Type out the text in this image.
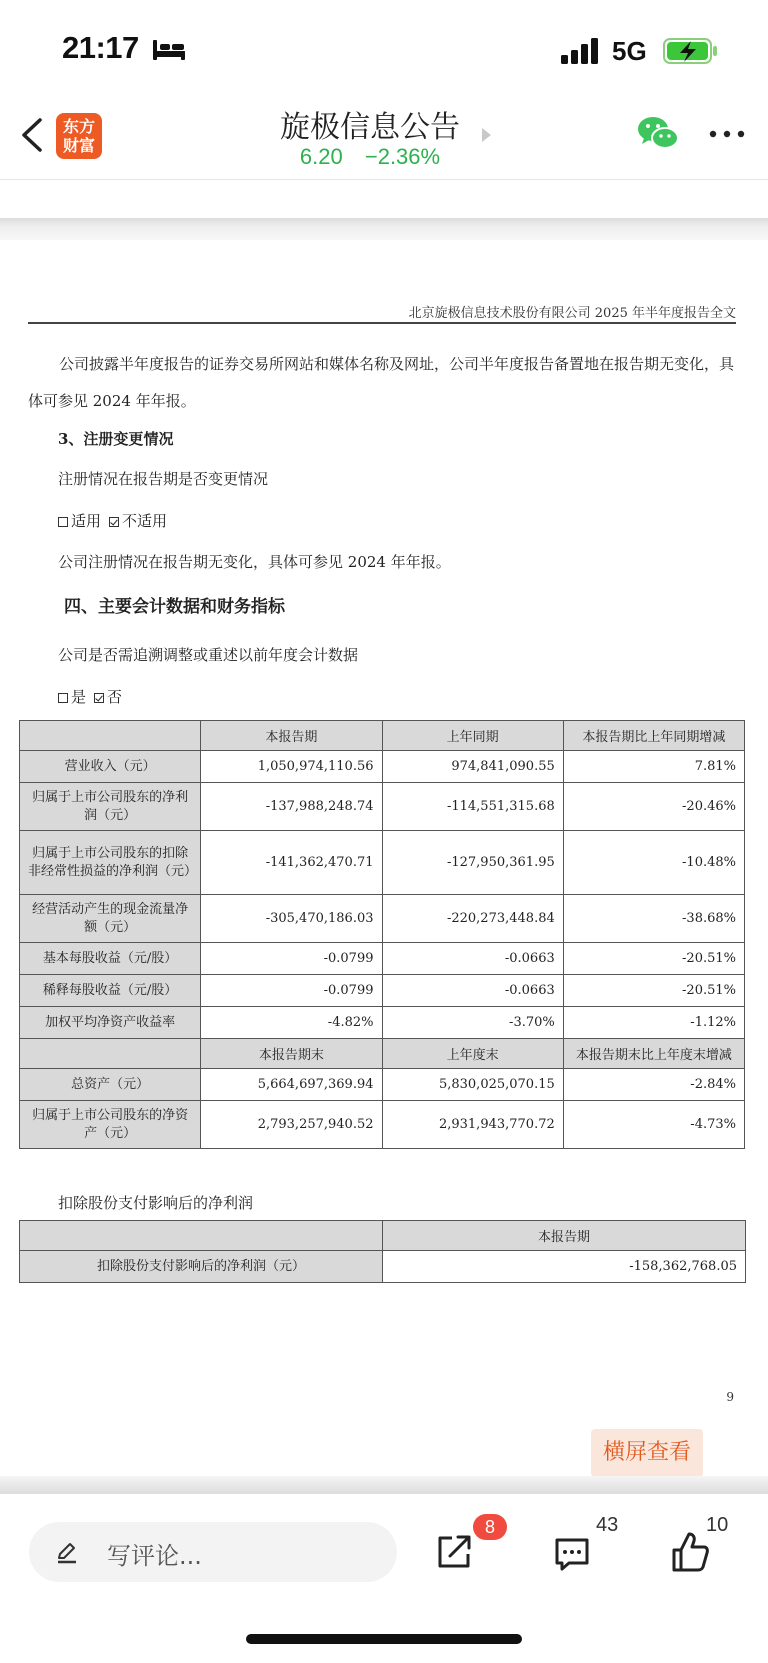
21:17	5G
东方
财富
旋极信息公告
6.20 −2.36%
北京旋极信息技术股份有限公司 2025 年半年度报告全文
公司披露半年度报告的证券交易所网站和媒体名称及网址，公司半年度报告备置地在报告期无变化，具体可参见 2024 年年报。
3、注册变更情况
注册情况在报告期是否变更情况
适用 不适用
公司注册情况在报告期无变化，具体可参见 2024 年年报。
四、主要会计数据和财务指标
公司是否需追溯调整或重述以前年度会计数据
是 否
	本报告期	上年同期	本报告期比上年同期增减
营业收入（元）	1,050,974,110.56	974,841,090.55	7.81%
归属于上市公司股东的净利润（元）	-137,988,248.74	-114,551,315.68	-20.46%
归属于上市公司股东的扣除非经常性损益的净利润（元）	-141,362,470.71	-127,950,361.95	-10.48%
经营活动产生的现金流量净额（元）	-305,470,186.03	-220,273,448.84	-38.68%
基本每股收益（元/股）	-0.0799	-0.0663	-20.51%
稀释每股收益（元/股）	-0.0799	-0.0663	-20.51%
加权平均净资产收益率	-4.82%	-3.70%	-1.12%
	本报告期末	上年度末	本报告期末比上年度末增减
总资产（元）	5,664,697,369.94	5,830,025,070.15	-2.84%
归属于上市公司股东的净资产（元）	2,793,257,940.52	2,931,943,770.72	-4.73%
扣除股份支付影响后的净利润
	本报告期
扣除股份支付影响后的净利润（元）	-158,362,768.05
9
横屏查看
写评论...
8	43	10
